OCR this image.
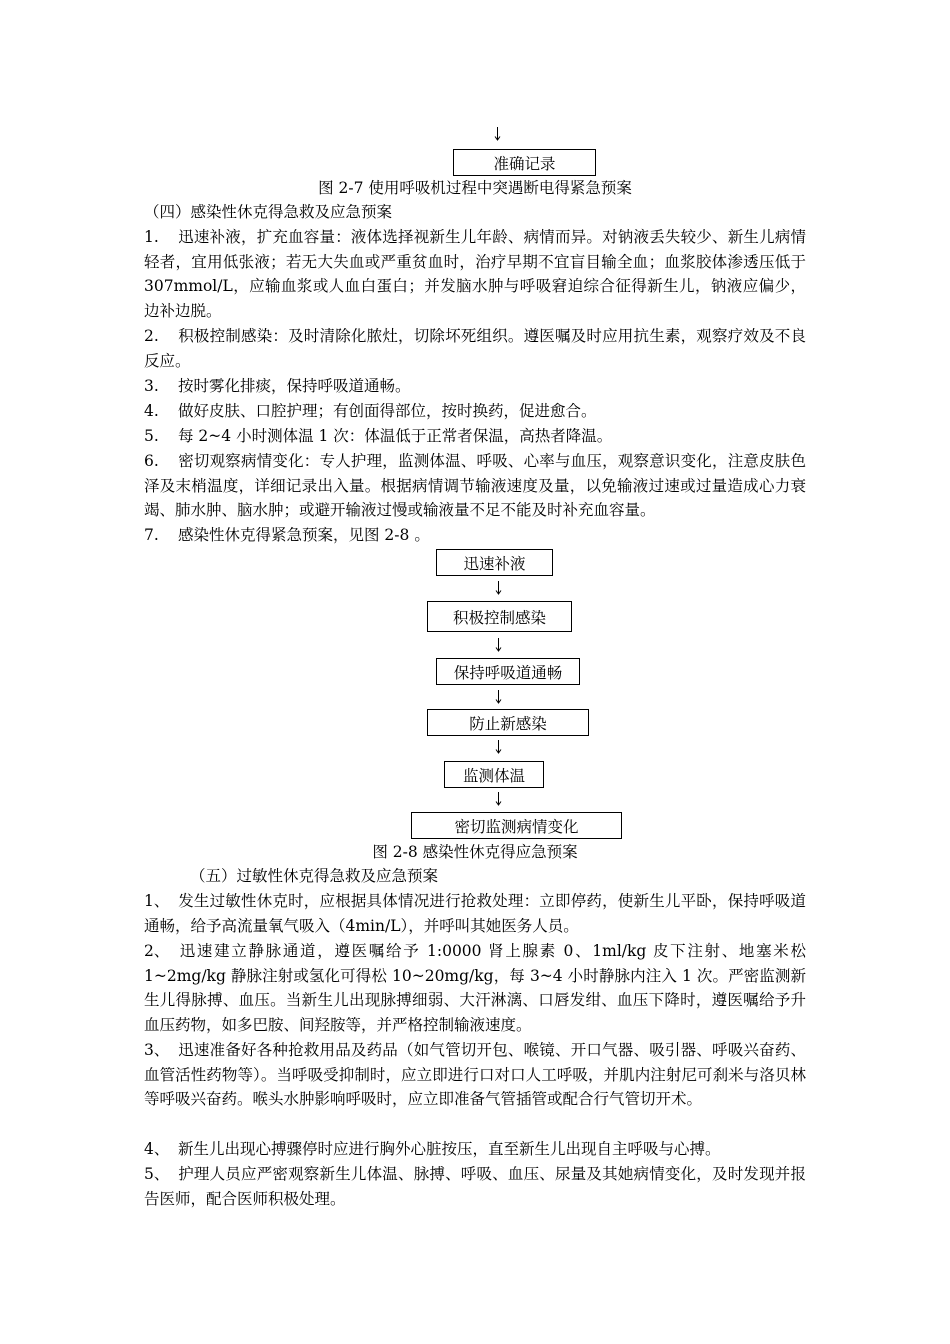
准确记录
图 2-7 使用呼吸机过程中突遇断电得紧急预案
（四）感染性休克得急救及应急预案
1. 迅速补液，扩充血容量：液体选择视新生儿年龄、病情而异。对钠液丢失较少、新生儿病情轻者，宜用低张液；若无大失血或严重贫血时，治疗早期不宜盲目输全血；血浆胶体渗透压低于 307mmol/L，应输血浆或人血白蛋白；并发脑水肿与呼吸窘迫综合征得新生儿，钠液应偏少，边补边脱。
2. 积极控制感染：及时清除化脓灶，切除坏死组织。遵医嘱及时应用抗生素，观察疗效及不良反应。
3. 按时雾化排痰，保持呼吸道通畅。
4. 做好皮肤、口腔护理；有创面得部位，按时换药，促进愈合。
5. 每 2~4 小时测体温 1 次：体温低于正常者保温，高热者降温。
6. 密切观察病情变化：专人护理，监测体温、呼吸、心率与血压，观察意识变化，注意皮肤色泽及末梢温度，详细记录出入量。根据病情调节输液速度及量，以免输液过速或过量造成心力衰竭、肺水肿、脑水肿；或避开输液过慢或输液量不足不能及时补充血容量。
7. 感染性休克得紧急预案，见图 2-8 。
迅速补液
积极控制感染
保持呼吸道通畅
防止新感染
监测体温
密切监测病情变化
图 2-8 感染性休克得应急预案
（五）过敏性休克得急救及应急预案
1、 发生过敏性休克时，应根据具体情况进行抢救处理：立即停药，使新生儿平卧，保持呼吸道通畅，给予高流量氧气吸入（4min/L），并呼叫其她医务人员。
2、 迅速建立静脉通道，遵医嘱给予 1:0000 肾上腺素 0、1ml/kg 皮下注射、地塞米松 1~2mg/kg 静脉注射或氢化可得松 10~20mg/kg，每 3~4 小时静脉内注入 1 次。严密监测新生儿得脉搏、血压。当新生儿出现脉搏细弱、大汗淋漓、口唇发绀、血压下降时，遵医嘱给予升血压药物，如多巴胺、间羟胺等，并严格控制输液速度。
3、 迅速准备好各种抢救用品及药品（如气管切开包、喉镜、开口气器、吸引器、呼吸兴奋药、血管活性药物等）。当呼吸受抑制时，应立即进行口对口人工呼吸，并肌内注射尼可刹米与洛贝林等呼吸兴奋药。喉头水肿影响呼吸时，应立即准备气管插管或配合行气管切开术。
4、 新生儿出现心搏骤停时应进行胸外心脏按压，直至新生儿出现自主呼吸与心搏。
5、 护理人员应严密观察新生儿体温、脉搏、呼吸、血压、尿量及其她病情变化，及时发现并报告医师，配合医师积极处理。
